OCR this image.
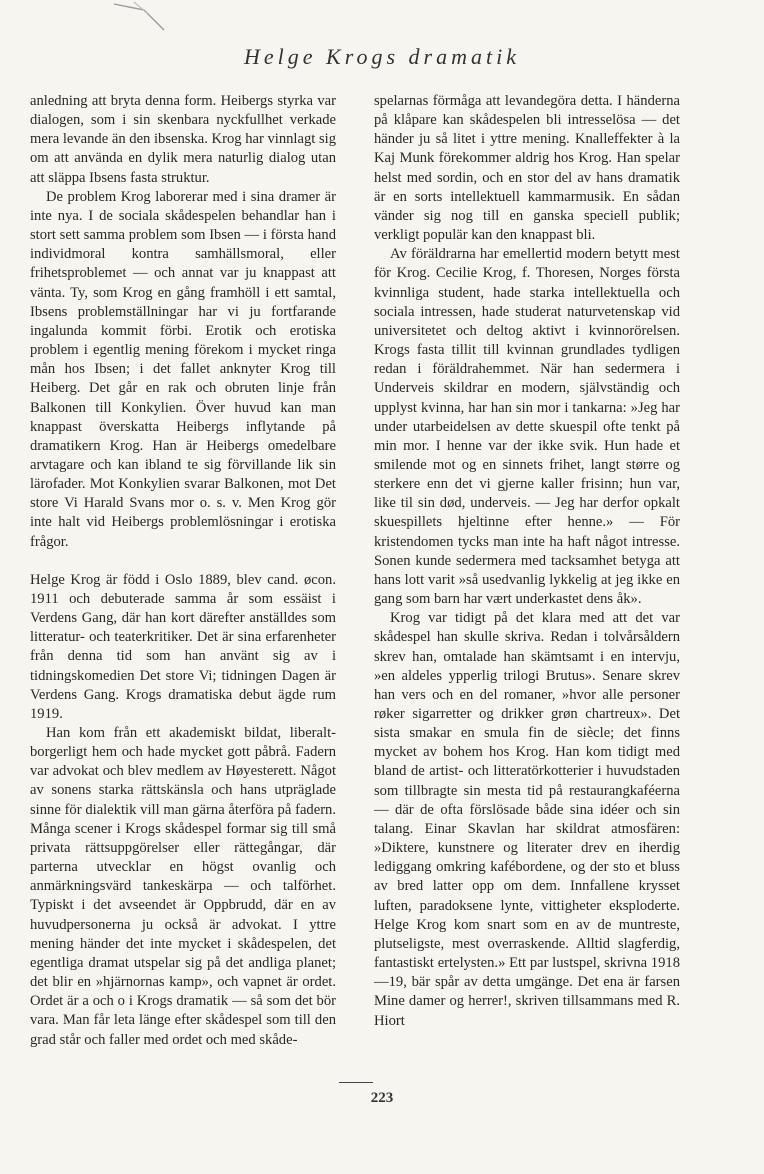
Helge Krogs dramatik

anledning att bryta denna form. Heibergs styrka var dialogen, som i sin skenbara nyckfullhet verkade mera levande än den ibsenska. Krog har vinnlagt sig om att använda en dylik mera naturlig dialog utan att släppa Ibsens fasta struktur.

De problem Krog laborerar med i sina dramer är inte nya. I de sociala skådespelen behandlar han i stort sett samma problem som Ibsen — i första hand individmoral kontra samhällsmoral, eller frihetsproblemet — och annat var ju knappast att vänta. Ty, som Krog en gång framhöll i ett samtal, Ibsens problemställningar har vi ju fortfarande ingalunda kommit förbi. Erotik och erotiska problem i egentlig mening förekom i mycket ringa mån hos Ibsen; i det fallet anknyter Krog till Heiberg. Det går en rak och obruten linje från Balkonen till Konkylien. Över huvud kan man knappast överskatta Heibergs inflytande på dramatikern Krog. Han är Heibergs omedelbare arvtagare och kan ibland te sig förvillande lik sin lärofader. Mot Konkylien svarar Balkonen, mot Det store Vi Harald Svans mor o. s. v. Men Krog gör inte halt vid Heibergs problemlösningar i erotiska frågor.

Helge Krog är född i Oslo 1889, blev cand. øcon. 1911 och debuterade samma år som essäist i Verdens Gang, där han kort därefter anställdes som litteratur- och teaterkritiker. Det är sina erfarenheter från denna tid som han använt sig av i tidningskomedien Det store Vi; tidningen Dagen är Verdens Gang. Krogs dramatiska debut ägde rum 1919.

Han kom från ett akademiskt bildat, liberalt-borgerligt hem och hade mycket gott påbrå. Fadern var advokat och blev medlem av Høyesterett. Något av sonens starka rättskänsla och hans utpräglade sinne för dialektik vill man gärna återföra på fadern. Många scener i Krogs skådespel formar sig till små privata rättsuppgörelser eller rättegångar, där parterna utvecklar en högst ovanlig och anmärkningsvärd tankeskärpa — och talförhet. Typiskt i det avseendet är Oppbrudd, där en av huvudpersonerna ju också är advokat. I yttre mening händer det inte mycket i skådespelen, det egentliga dramat utspelar sig på det andliga planet; det blir en »hjärnornas kamp», och vapnet är ordet. Ordet är a och o i Krogs dramatik — så som det bör vara. Man får leta länge efter skådespel som till den grad står och faller med ordet och med skåde-

spelarnas förmåga att levandegöra detta. I händerna på klåpare kan skådespelen bli intresselösa — det händer ju så litet i yttre mening. Knalleffekter à la Kaj Munk förekommer aldrig hos Krog. Han spelar helst med sordin, och en stor del av hans dramatik är en sorts intellektuell kammarmusik. En sådan vänder sig nog till en ganska speciell publik; verkligt populär kan den knappast bli.

Av föräldrarna har emellertid modern betytt mest för Krog. Cecilie Krog, f. Thoresen, Norges första kvinnliga student, hade starka intellektuella och sociala intressen, hade studerat naturvetenskap vid universitetet och deltog aktivt i kvinnorörelsen. Krogs fasta tillit till kvinnan grundlades tydligen redan i föräldrahemmet. När han sedermera i Underveis skildrar en modern, självständig och upplyst kvinna, har han sin mor i tankarna: »Jeg har under utarbeidelsen av dette skuespil ofte tenkt på min mor. I henne var der ikke svik. Hun hade et smilende mot og en sinnets frihet, langt større og sterkere enn det vi gjerne kaller frisinn; hun var, like til sin død, underveis. — Jeg har derfor opkalt skuespillets hjeltinne efter henne.» — För kristendomen tycks man inte ha haft något intresse. Sonen kunde sedermera med tacksamhet betyga att hans lott varit »så usedvanlig lykkelig at jeg ikke en gang som barn har vært underkastet dens åk».

Krog var tidigt på det klara med att det var skådespel han skulle skriva. Redan i tolvårsåldern skrev han, omtalade han skämtsamt i en intervju, »en aldeles ypperlig trilogi Brutus». Senare skrev han vers och en del romaner, »hvor alle personer røker sigarretter og drikker grøn chartreux». Det sista smakar en smula fin de siècle; det finns mycket av bohem hos Krog. Han kom tidigt med bland de artist- och litteratörkotterier i huvudstaden som tillbragte sin mesta tid på restaurangkaféerna — där de ofta förslösade både sina idéer och sin talang. Einar Skavlan har skildrat atmosfären: »Diktere, kunstnere og literater drev en iherdig lediggang omkring kafébordene, og der sto et bluss av bred latter opp om dem. Innfallene krysset luften, paradoksene lynte, vittigheter eksploderte. Helge Krog kom snart som en av de muntreste, plutseligste, mest overraskende. Alltid slagferdig, fantastiskt ertelysten.» Ett par lustspel, skrivna 1918—19, bär spår av detta umgänge. Det ena är farsen Mine damer og herrer!, skriven tillsammans med R. Hiort

223
